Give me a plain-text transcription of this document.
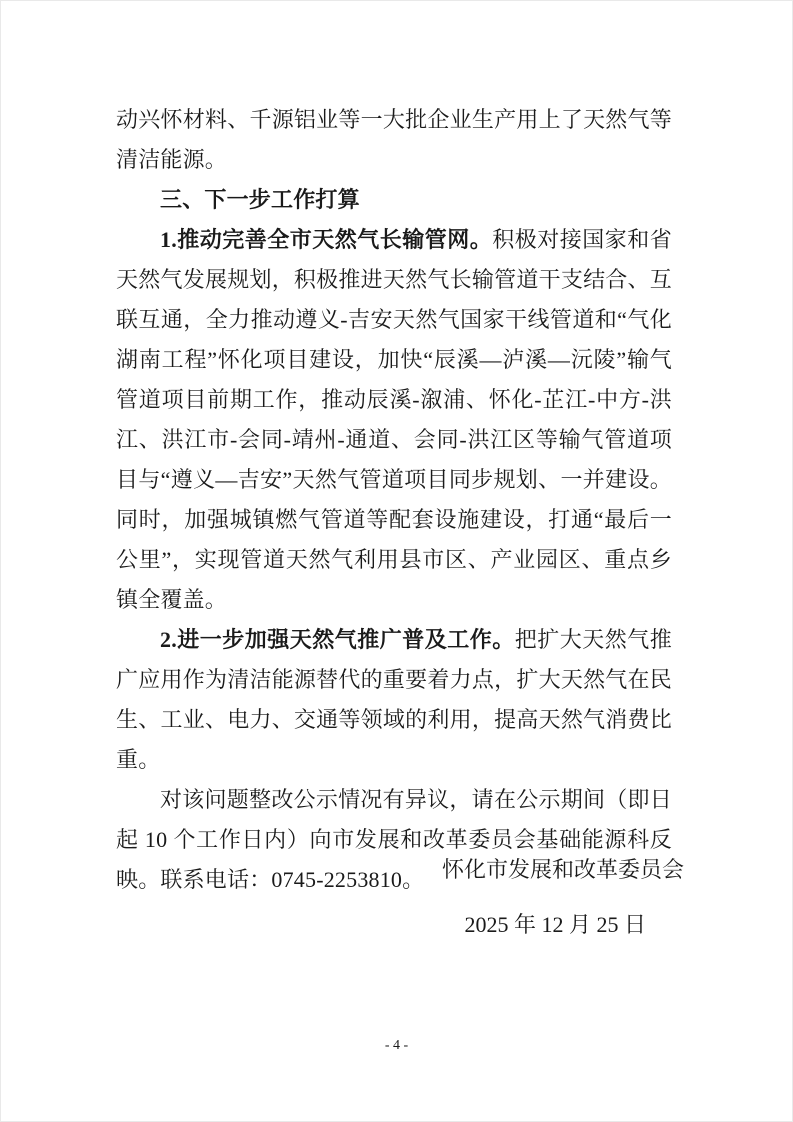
动兴怀材料、千源铝业等一大批企业生产用上了天然气等清洁能源。

三、下一步工作打算

1.推动完善全市天然气长输管网。积极对接国家和省天然气发展规划，积极推进天然气长输管道干支结合、互联互通，全力推动遵义-吉安天然气国家干线管道和“气化湖南工程”怀化项目建设，加快“辰溪—泸溪—沅陵”输气管道项目前期工作，推动辰溪-溆浦、怀化-芷江-中方-洪江、洪江市-会同-靖州-通道、会同-洪江区等输气管道项目与“遵义—吉安”天然气管道项目同步规划、一并建设。同时，加强城镇燃气管道等配套设施建设，打通“最后一公里”，实现管道天然气利用县市区、产业园区、重点乡镇全覆盖。

2.进一步加强天然气推广普及工作。把扩大天然气推广应用作为清洁能源替代的重要着力点，扩大天然气在民生、工业、电力、交通等领域的利用，提高天然气消费比重。

对该问题整改公示情况有异议，请在公示期间（即日起 10 个工作日内）向市发展和改革委员会基础能源科反映。联系电话：0745-2253810。 怀化市发展和改革委员会
2025 年 12 月 25 日
- 4 -
